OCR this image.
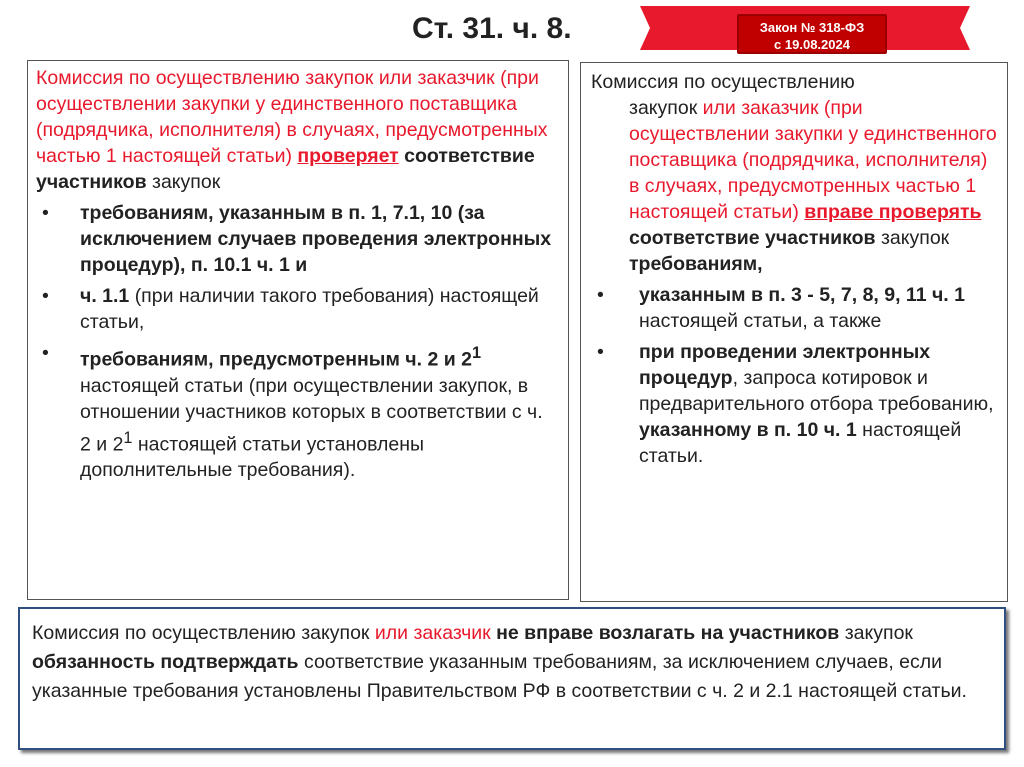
Ст. 31. ч. 8.	Закон № 318-ФЗ
с 19.08.2024

Комиссия по осуществлению закупок или заказчик (при осуществлении закупки у единственного поставщика (подрядчика, исполнителя) в случаях, предусмотренных частью 1 настоящей статьи) проверяет соответствие участников закупок

• требованиям, указанным в п. 1, 7.1, 10 (за исключением случаев проведения электронных процедур), п. 10.1 ч. 1 и
• ч. 1.1 (при наличии такого требования) настоящей статьи,
• требованиям, предусмотренным ч. 2 и $2^1$ настоящей статьи (при осуществлении закупок, в отношении участников которых в соответствии с ч. 2 и $2^1$ настоящей статьи установлены дополнительные требования).

Комиссия по осуществлению
закупок или заказчик (при осуществлении закупки у единственного поставщика (подрядчика, исполнителя) в случаях, предусмотренных частью 1 настоящей статьи) вправе проверять соответствие участников закупок требованиям,

• указанным в п. 3 - 5, 7, 8, 9, 11 ч. 1 настоящей статьи, а также
• при проведении электронных процедур, запроса котировок и предварительного отбора требованию, указанному в п. 10 ч. 1 настоящей статьи.

Комиссия по осуществлению закупок или заказчик не вправе возлагать на участников закупок обязанность подтверждать соответствие указанным требованиям, за исключением случаев, если указанные требования установлены Правительством РФ в соответствии с ч. 2 и 2.1 настоящей статьи.
